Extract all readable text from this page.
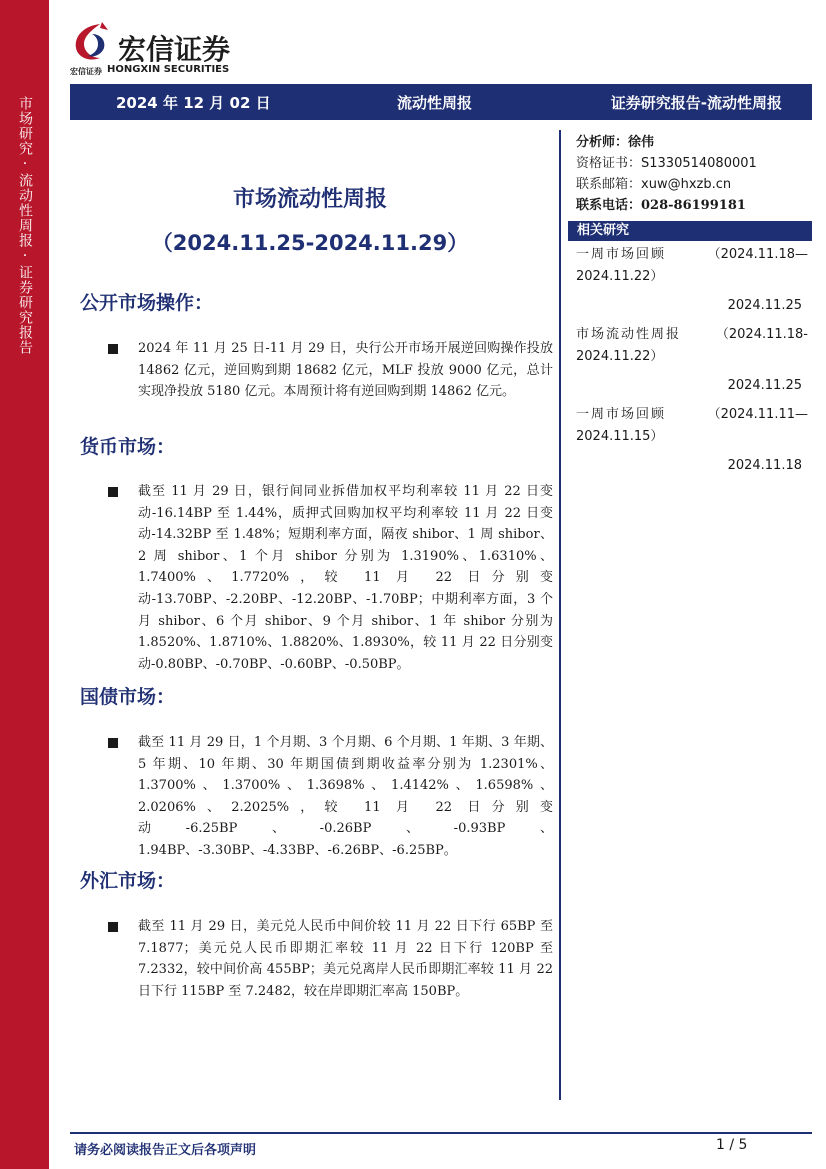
市场研究·流动性周报·证券研究报告
宏信证券
宏信证券 HONGXIN SECURITIES
2024 年 12 月 02 日	流动性周报	证券研究报告-流动性周报
市场流动性周报
（2024.11.25-2024.11.29）
公开市场操作：
2024 年 11 月 25 日-11 月 29 日，央行公开市场开展逆回购操作投放 14862 亿元，逆回购到期 18682 亿元，MLF 投放 9000 亿元，总计实现净投放 5180 亿元。本周预计将有逆回购到期 14862 亿元。
货币市场：
截至 11 月 29 日，银行间同业拆借加权平均利率较 11 月 22 日变动-16.14BP 至 1.44%，质押式回购加权平均利率较 11 月 22 日变动-14.32BP 至 1.48%；短期利率方面，隔夜 shibor、1 周 shibor、2 周 shibor、1 个月 shibor 分别为 1.3190%、1.6310%、1.7400%、1.7720%，较 11 月 22 日分别变动-13.70BP、-2.20BP、-12.20BP、-1.70BP；中期利率方面，3 个月 shibor、6 个月 shibor、9 个月 shibor、1 年 shibor 分别为 1.8520%、1.8710%、1.8820%、1.8930%，较 11 月 22 日分别变动-0.80BP、-0.70BP、-0.60BP、-0.50BP。
国债市场：
截至 11 月 29 日，1 个月期、3 个月期、6 个月期、1 年期、3 年期、5 年期、10 年期、30 年期国债到期收益率分别为 1.2301%、1.3700%、1.3700%、1.3698%、1.4142%、1.6598%、2.0206%、2.2025%，较 11 月 22 日分别变动-6.25BP、-0.26BP、-0.93BP、1.94BP、-3.30BP、-4.33BP、-6.26BP、-6.25BP。
外汇市场：
截至 11 月 29 日，美元兑人民币中间价较 11 月 22 日下行 65BP 至 7.1877；美元兑人民币即期汇率较 11 月 22 日下行 120BP 至 7.2332，较中间价高 455BP；美元兑离岸人民币即期汇率较 11 月 22 日下行 115BP 至 7.2482，较在岸即期汇率高 150BP。
分析师：徐伟
资格证书：S1330514080001
联系邮箱：xuw@hxzb.cn
联系电话：028-86199181
相关研究
一周市场回顾	（2024.11.18—
2024.11.22）
2024.11.25
市场流动性周报	（2024.11.18-
2024.11.22）
2024.11.25
一周市场回顾	（2024.11.11—
2024.11.15）
2024.11.18
请务必阅读报告正文后各项声明	1 / 5
